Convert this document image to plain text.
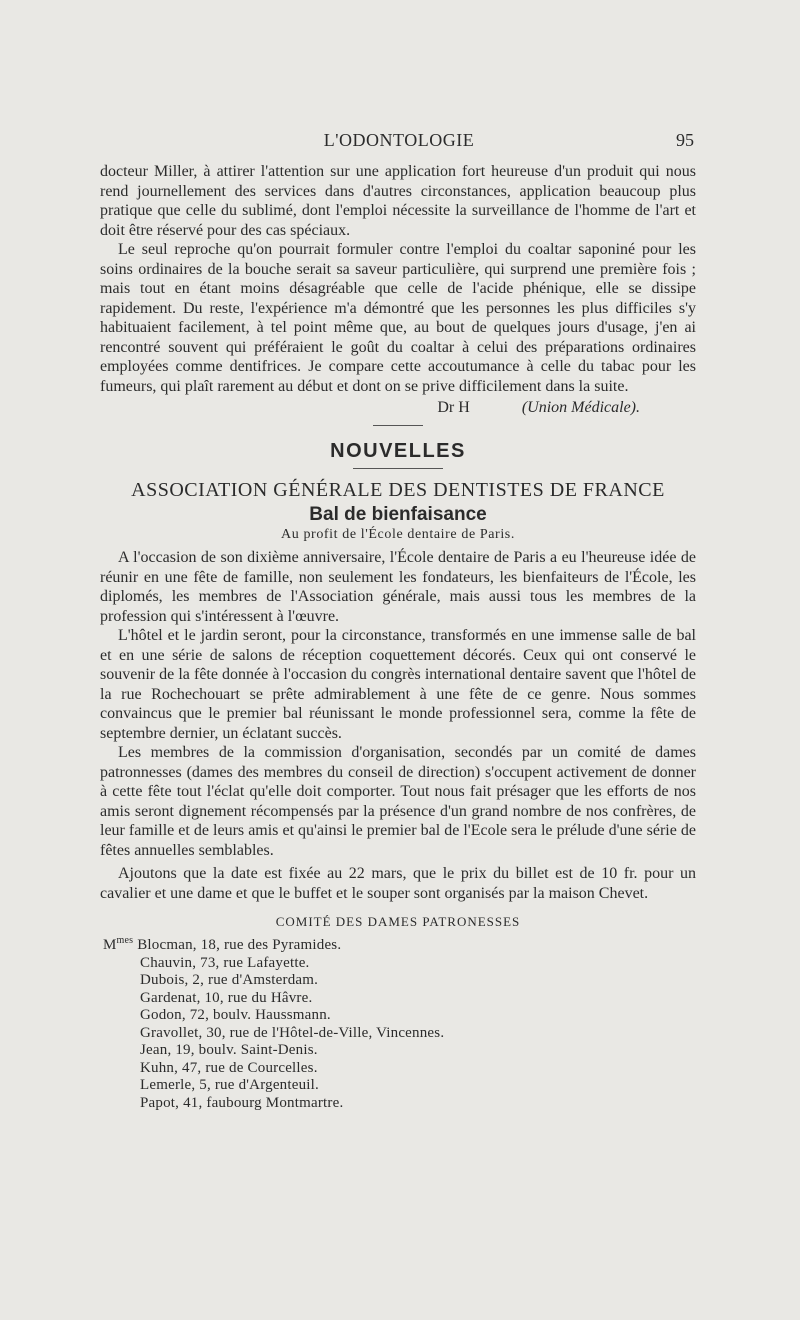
L'ODONTOLOGIE	95

docteur Miller, à attirer l'attention sur une application fort heureuse d'un produit qui nous rend journellement des services dans d'autres circonstances, application beaucoup plus pratique que celle du sublimé, dont l'emploi nécessite la surveillance de l'homme de l'art et doit être réservé pour des cas spéciaux.

Le seul reproche qu'on pourrait formuler contre l'emploi du coaltar saponiné pour les soins ordinaires de la bouche serait sa saveur particulière, qui surprend une première fois ; mais tout en étant moins désagréable que celle de l'acide phénique, elle se dissipe rapidement. Du reste, l'expérience m'a démontré que les personnes les plus difficiles s'y habituaient facilement, à tel point même que, au bout de quelques jours d'usage, j'en ai rencontré souvent qui préféraient le goût du coaltar à celui des préparations ordinaires employées comme dentifrices. Je compare cette accoutumance à celle du tabac pour les fumeurs, qui plaît rarement au début et dont on se prive difficilement dans la suite.

Dr H	(Union Médicale).
NOUVELLES
ASSOCIATION GÉNÉRALE DES DENTISTES DE FRANCE
Bal de bienfaisance
Au profit de l'École dentaire de Paris.

A l'occasion de son dixième anniversaire, l'École dentaire de Paris a eu l'heureuse idée de réunir en une fête de famille, non seulement les fondateurs, les bienfaiteurs de l'École, les diplomés, les membres de l'Association générale, mais aussi tous les membres de la profession qui s'intéressent à l'œuvre.

L'hôtel et le jardin seront, pour la circonstance, transformés en une immense salle de bal et en une série de salons de réception coquettement décorés. Ceux qui ont conservé le souvenir de la fête donnée à l'occasion du congrès international dentaire savent que l'hôtel de la rue Rochechouart se prête admirablement à une fête de ce genre. Nous sommes convaincus que le premier bal réunissant le monde professionnel sera, comme la fête de septembre dernier, un éclatant succès.

Les membres de la commission d'organisation, secondés par un comité de dames patronnesses (dames des membres du conseil de direction) s'occupent activement de donner à cette fête tout l'éclat qu'elle doit comporter. Tout nous fait présager que les efforts de nos amis seront dignement récompensés par la présence d'un grand nombre de nos confrères, de leur famille et de leurs amis et qu'ainsi le premier bal de l'Ecole sera le prélude d'une série de fêtes annuelles semblables.

Ajoutons que la date est fixée au 22 mars, que le prix du billet est de 10 fr. pour un cavalier et une dame et que le buffet et le souper sont organisés par la maison Chevet.

COMITÉ DES DAMES PATRONESSES
$M^{mes}$ Blocman, 18, rue des Pyramides.
Chauvin, 73, rue Lafayette.
Dubois, 2, rue d'Amsterdam.
Gardenat, 10, rue du Hâvre.
Godon, 72, boulv. Haussmann.
Gravollet, 30, rue de l'Hôtel-de-Ville, Vincennes.
Jean, 19, boulv. Saint-Denis.
Kuhn, 47, rue de Courcelles.
Lemerle, 5, rue d'Argenteuil.
Papot, 41, faubourg Montmartre.
